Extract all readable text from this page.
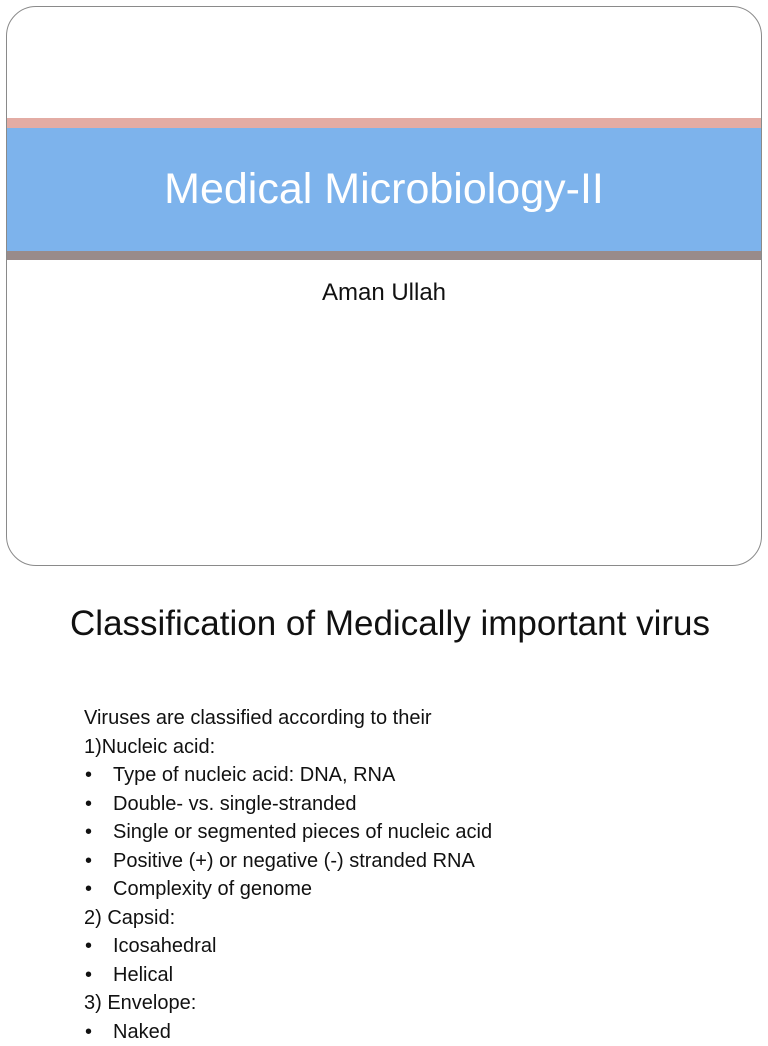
Medical Microbiology-II
Aman Ullah
Classification of Medically important virus
Viruses are classified according to their
1)Nucleic acid:
• Type of nucleic acid: DNA, RNA
• Double- vs. single-stranded
• Single or segmented pieces of nucleic acid
• Positive (+) or negative (-) stranded RNA
• Complexity of genome
2) Capsid:
• Icosahedral
• Helical
3) Envelope:
• Naked
